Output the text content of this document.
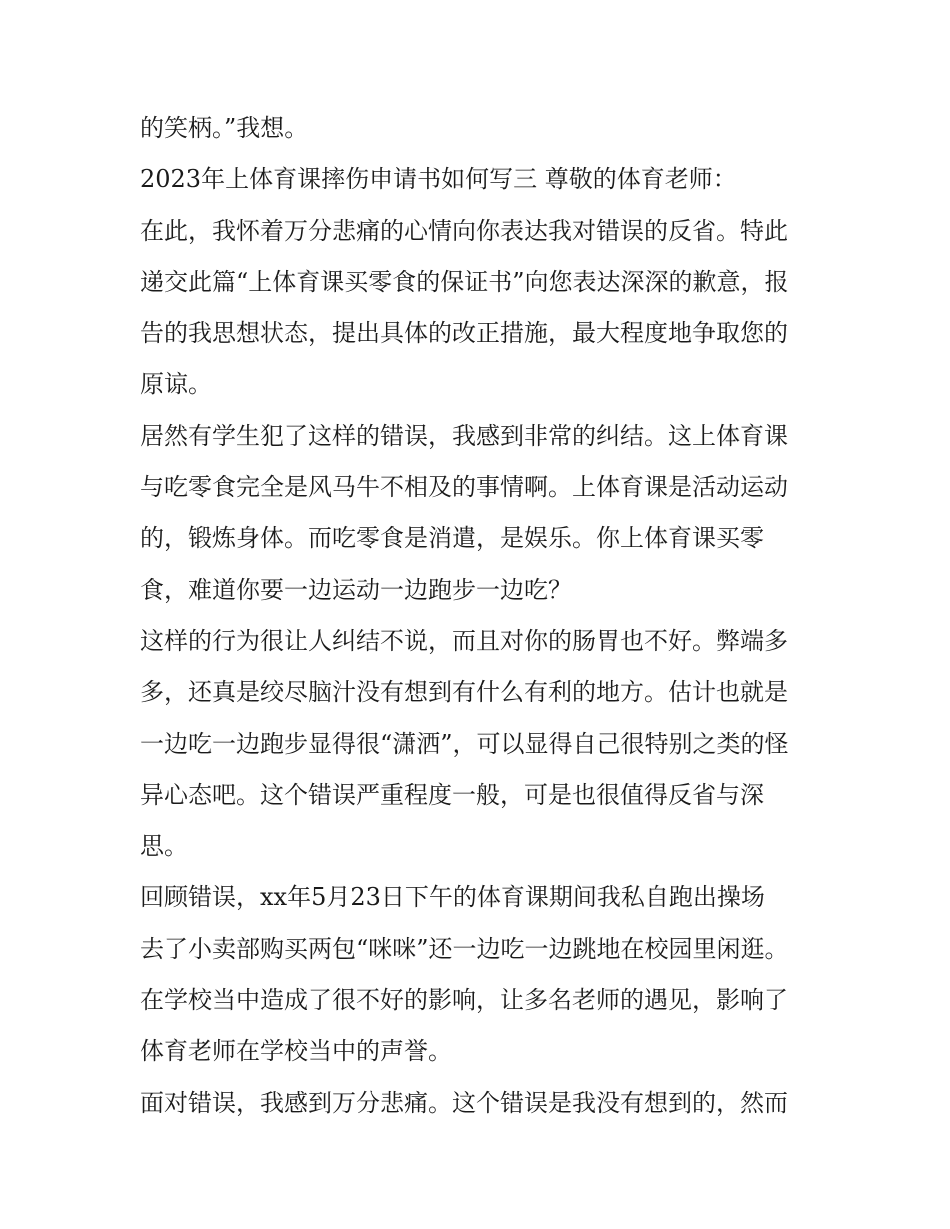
的笑柄。”我想。
2023年上体育课摔伤申请书如何写三 尊敬的体育老师：
在此，我怀着万分悲痛的心情向你表达我对错误的反省。特此
递交此篇“上体育课买零食的保证书”向您表达深深的歉意，报
告的我思想状态，提出具体的改正措施，最大程度地争取您的
原谅。
居然有学生犯了这样的错误，我感到非常的纠结。这上体育课
与吃零食完全是风马牛不相及的事情啊。上体育课是活动运动
的，锻炼身体。而吃零食是消遣，是娱乐。你上体育课买零
食，难道你要一边运动一边跑步一边吃？
这样的行为很让人纠结不说，而且对你的肠胃也不好。弊端多
多，还真是绞尽脑汁没有想到有什么有利的地方。估计也就是
一边吃一边跑步显得很“潇洒”，可以显得自己很特别之类的怪
异心态吧。这个错误严重程度一般，可是也很值得反省与深
思。
回顾错误，xx年5月23日下午的体育课期间我私自跑出操场
去了小卖部购买两包“咪咪”还一边吃一边跳地在校园里闲逛。
在学校当中造成了很不好的影响，让多名老师的遇见，影响了
体育老师在学校当中的声誉。
面对错误，我感到万分悲痛。这个错误是我没有想到的，然而
